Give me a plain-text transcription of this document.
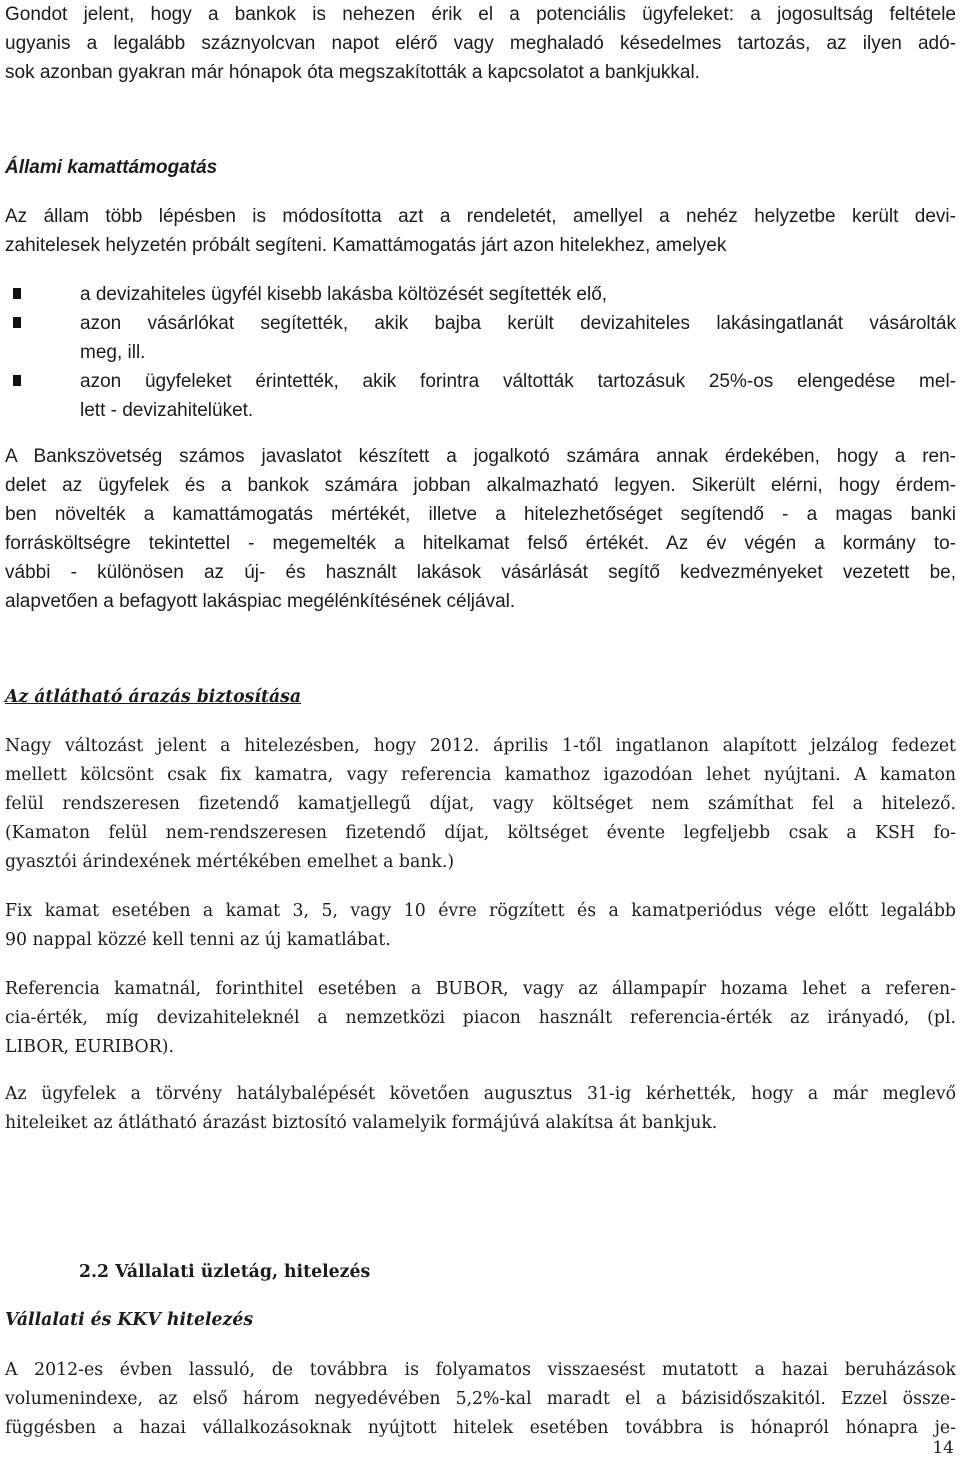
Gondot jelent, hogy a bankok is nehezen érik el a potenciális ügyfeleket: a jogosultság feltétele
ugyanis a legalább száznyolcvan napot elérő vagy meghaladó késedelmes tartozás, az ilyen adó-
sok azonban gyakran már hónapok óta megszakították a kapcsolatot a bankjukkal.
Állami kamattámogatás
Az állam több lépésben is módosította azt a rendeletét, amellyel a nehéz helyzetbe került devi-
zahitelesek helyzetén próbált segíteni. Kamattámogatás járt azon hitelekhez, amelyek
a devizahiteles ügyfél kisebb lakásba költözését segítették elő,
azon vásárlókat segítették, akik bajba került devizahiteles lakásingatlanát vásárolták
meg, ill.
azon ügyfeleket érintették, akik forintra váltották tartozásuk 25%-os elengedése mel-
lett - devizahitelüket.
A Bankszövetség számos javaslatot készített a jogalkotó számára annak érdekében, hogy a ren-
delet az ügyfelek és a bankok számára jobban alkalmazható legyen. Sikerült elérni, hogy érdem-
ben növelték a kamattámogatás mértékét, illetve a hitelezhetőséget segítendő - a magas banki
forrásköltségre tekintettel - megemelték a hitelkamat felső értékét. Az év végén a kormány to-
vábbi - különösen az új- és használt lakások vásárlását segítő kedvezményeket vezetett be,
alapvetően a befagyott lakáspiac megélénkítésének céljával.
Az átlátható árazás biztosítása
Nagy változást jelent a hitelezésben, hogy 2012. április 1-től ingatlanon alapított jelzálog fedezet
mellett kölcsönt csak fix kamatra, vagy referencia kamathoz igazodóan lehet nyújtani. A kamaton
felül rendszeresen fizetendő kamatjellegű díjat, vagy költséget nem számíthat fel a hitelező.
(Kamaton felül nem-rendszeresen fizetendő díjat, költséget évente legfeljebb csak a KSH fo-
gyasztói árindexének mértékében emelhet a bank.)
Fix kamat esetében a kamat 3, 5, vagy 10 évre rögzített és a kamatperiódus vége előtt legalább
90 nappal közzé kell tenni az új kamatlábat.
Referencia kamatnál, forinthitel esetében a BUBOR, vagy az állampapír hozama lehet a referen-
cia-érték, míg devizahiteleknél a nemzetközi piacon használt referencia-érték az irányadó, (pl.
LIBOR, EURIBOR).
Az ügyfelek a törvény hatálybalépését követően augusztus 31-ig kérhették, hogy a már meglevő
hiteleiket az átlátható árazást biztosító valamelyik formájúvá alakítsa át bankjuk.
2.2 Vállalati üzletág, hitelezés
Vállalati és KKV hitelezés
A 2012-es évben lassuló, de továbbra is folyamatos visszaesést mutatott a hazai beruházások
volumenindexe, az első három negyedévében 5,2%-kal maradt el a bázisidőszakitól. Ezzel össze-
függésben a hazai vállalkozásoknak nyújtott hitelek esetében továbbra is hónapról hónapra je-
14
